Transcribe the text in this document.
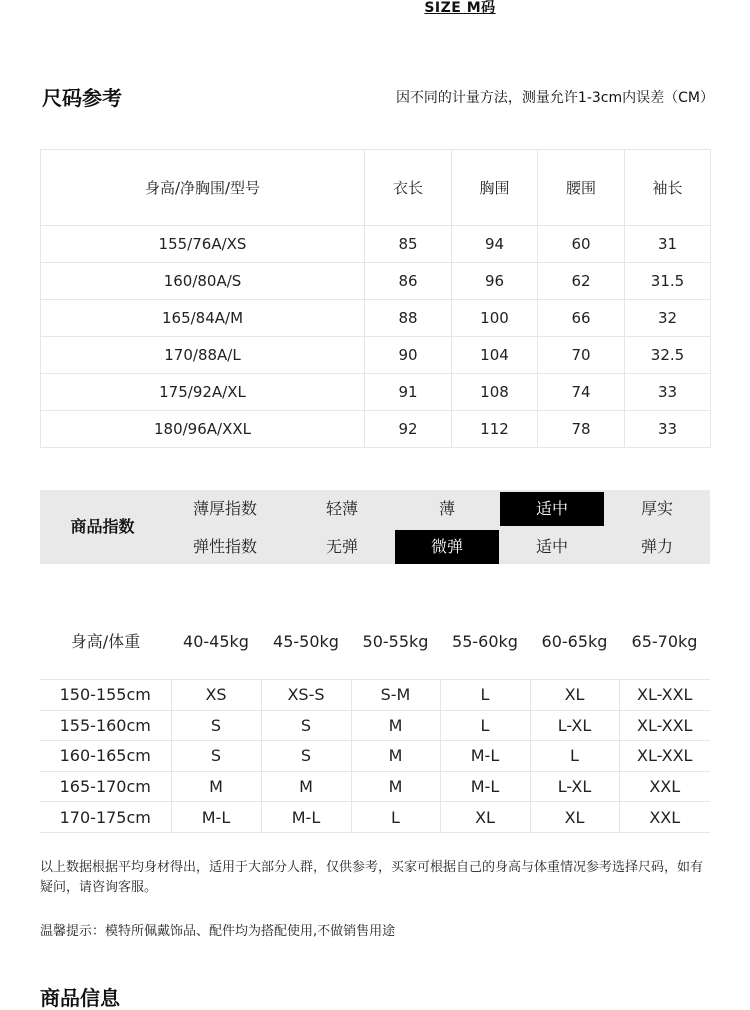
SIZE M码
尺码参考	因不同的计量方法，测量允许1-3cm内误差（CM）
身高/净胸围/型号	衣长	胸围	腰围	袖长
155/76A/XS	85	94	60	31
160/80A/S	86	96	62	31.5
165/84A/M	88	100	66	32
170/88A/L	90	104	70	32.5
175/92A/XL	91	108	74	33
180/96A/XXL	92	112	78	33
商品指数
薄厚指数	轻薄	薄	适中	厚实
弹性指数	无弹	微弹	适中	弹力
身高/体重	40-45kg	45-50kg	50-55kg	55-60kg	60-65kg	65-70kg
150-155cm	XS	XS-S	S-M	L	XL	XL-XXL
155-160cm	S	S	M	L	L-XL	XL-XXL
160-165cm	S	S	M	M-L	L	XL-XXL
165-170cm	M	M	M	M-L	L-XL	XXL
170-175cm	M-L	M-L	L	XL	XL	XXL
以上数据根据平均身材得出，适用于大部分人群，仅供参考，买家可根据自己的身高与体重情况参考选择尺码，如有疑问，请咨询客服。
温馨提示：模特所佩戴饰品、配件均为搭配使用,不做销售用途
商品信息
